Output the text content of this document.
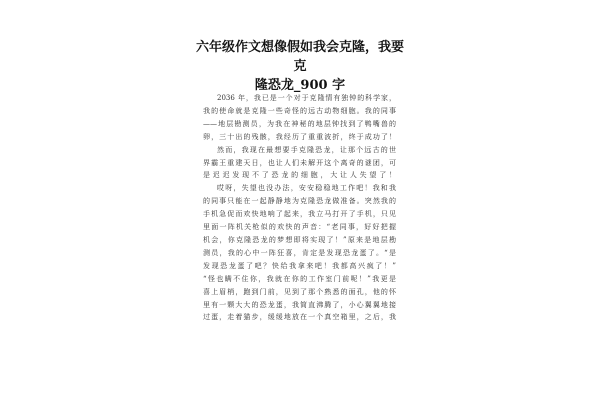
六年级作文想像假如我会克隆，我要克
隆恐龙_900 字
2036 年，我已是一个对于克隆情有独钟的科学家，
我的使命就是克隆一些奇怪的远古动物细胞。我的同事
——地层勘测员，为我在神秘的地层钟找到了鸭嘴兽的
卵，三十出的残骸，我经历了重重波折，终于成功了！
然而，我现在最想要手克隆恐龙，让那个远古的世
界霸王重建天日，也让人们未解开这个离奇的谜团，可
是迟迟发现不了恐龙的细胞，大让人失望了！
哎呀，失望也没办法，安安稳稳地工作吧！我和我
的同事只能在一起静静地为克隆恐龙做准备。突然我的
手机急促而欢快地响了起来，我立马打开了手机，只见
里面一阵机关枪似的欢快的声音：“老同事，好好把握
机会，你克隆恐龙的梦想即将实现了！”原来是地层勘
测员，我的心中一阵狂喜，肯定是发现恐龙蛋了。“是
发现恐龙蛋了吧？快给我拿来吧！我都高兴疯了！”
“怪也瞒不住你，我就在你的工作室门前呢！”我更是
喜上眉梢，跑到门前，见到了那个熟悉的面孔，他的怀
里有一颗大大的恐龙蛋，我简直沸腾了，小心翼翼地接
过蛋，走着猫步，缓缓地放在一个真空箱里，之后，我
